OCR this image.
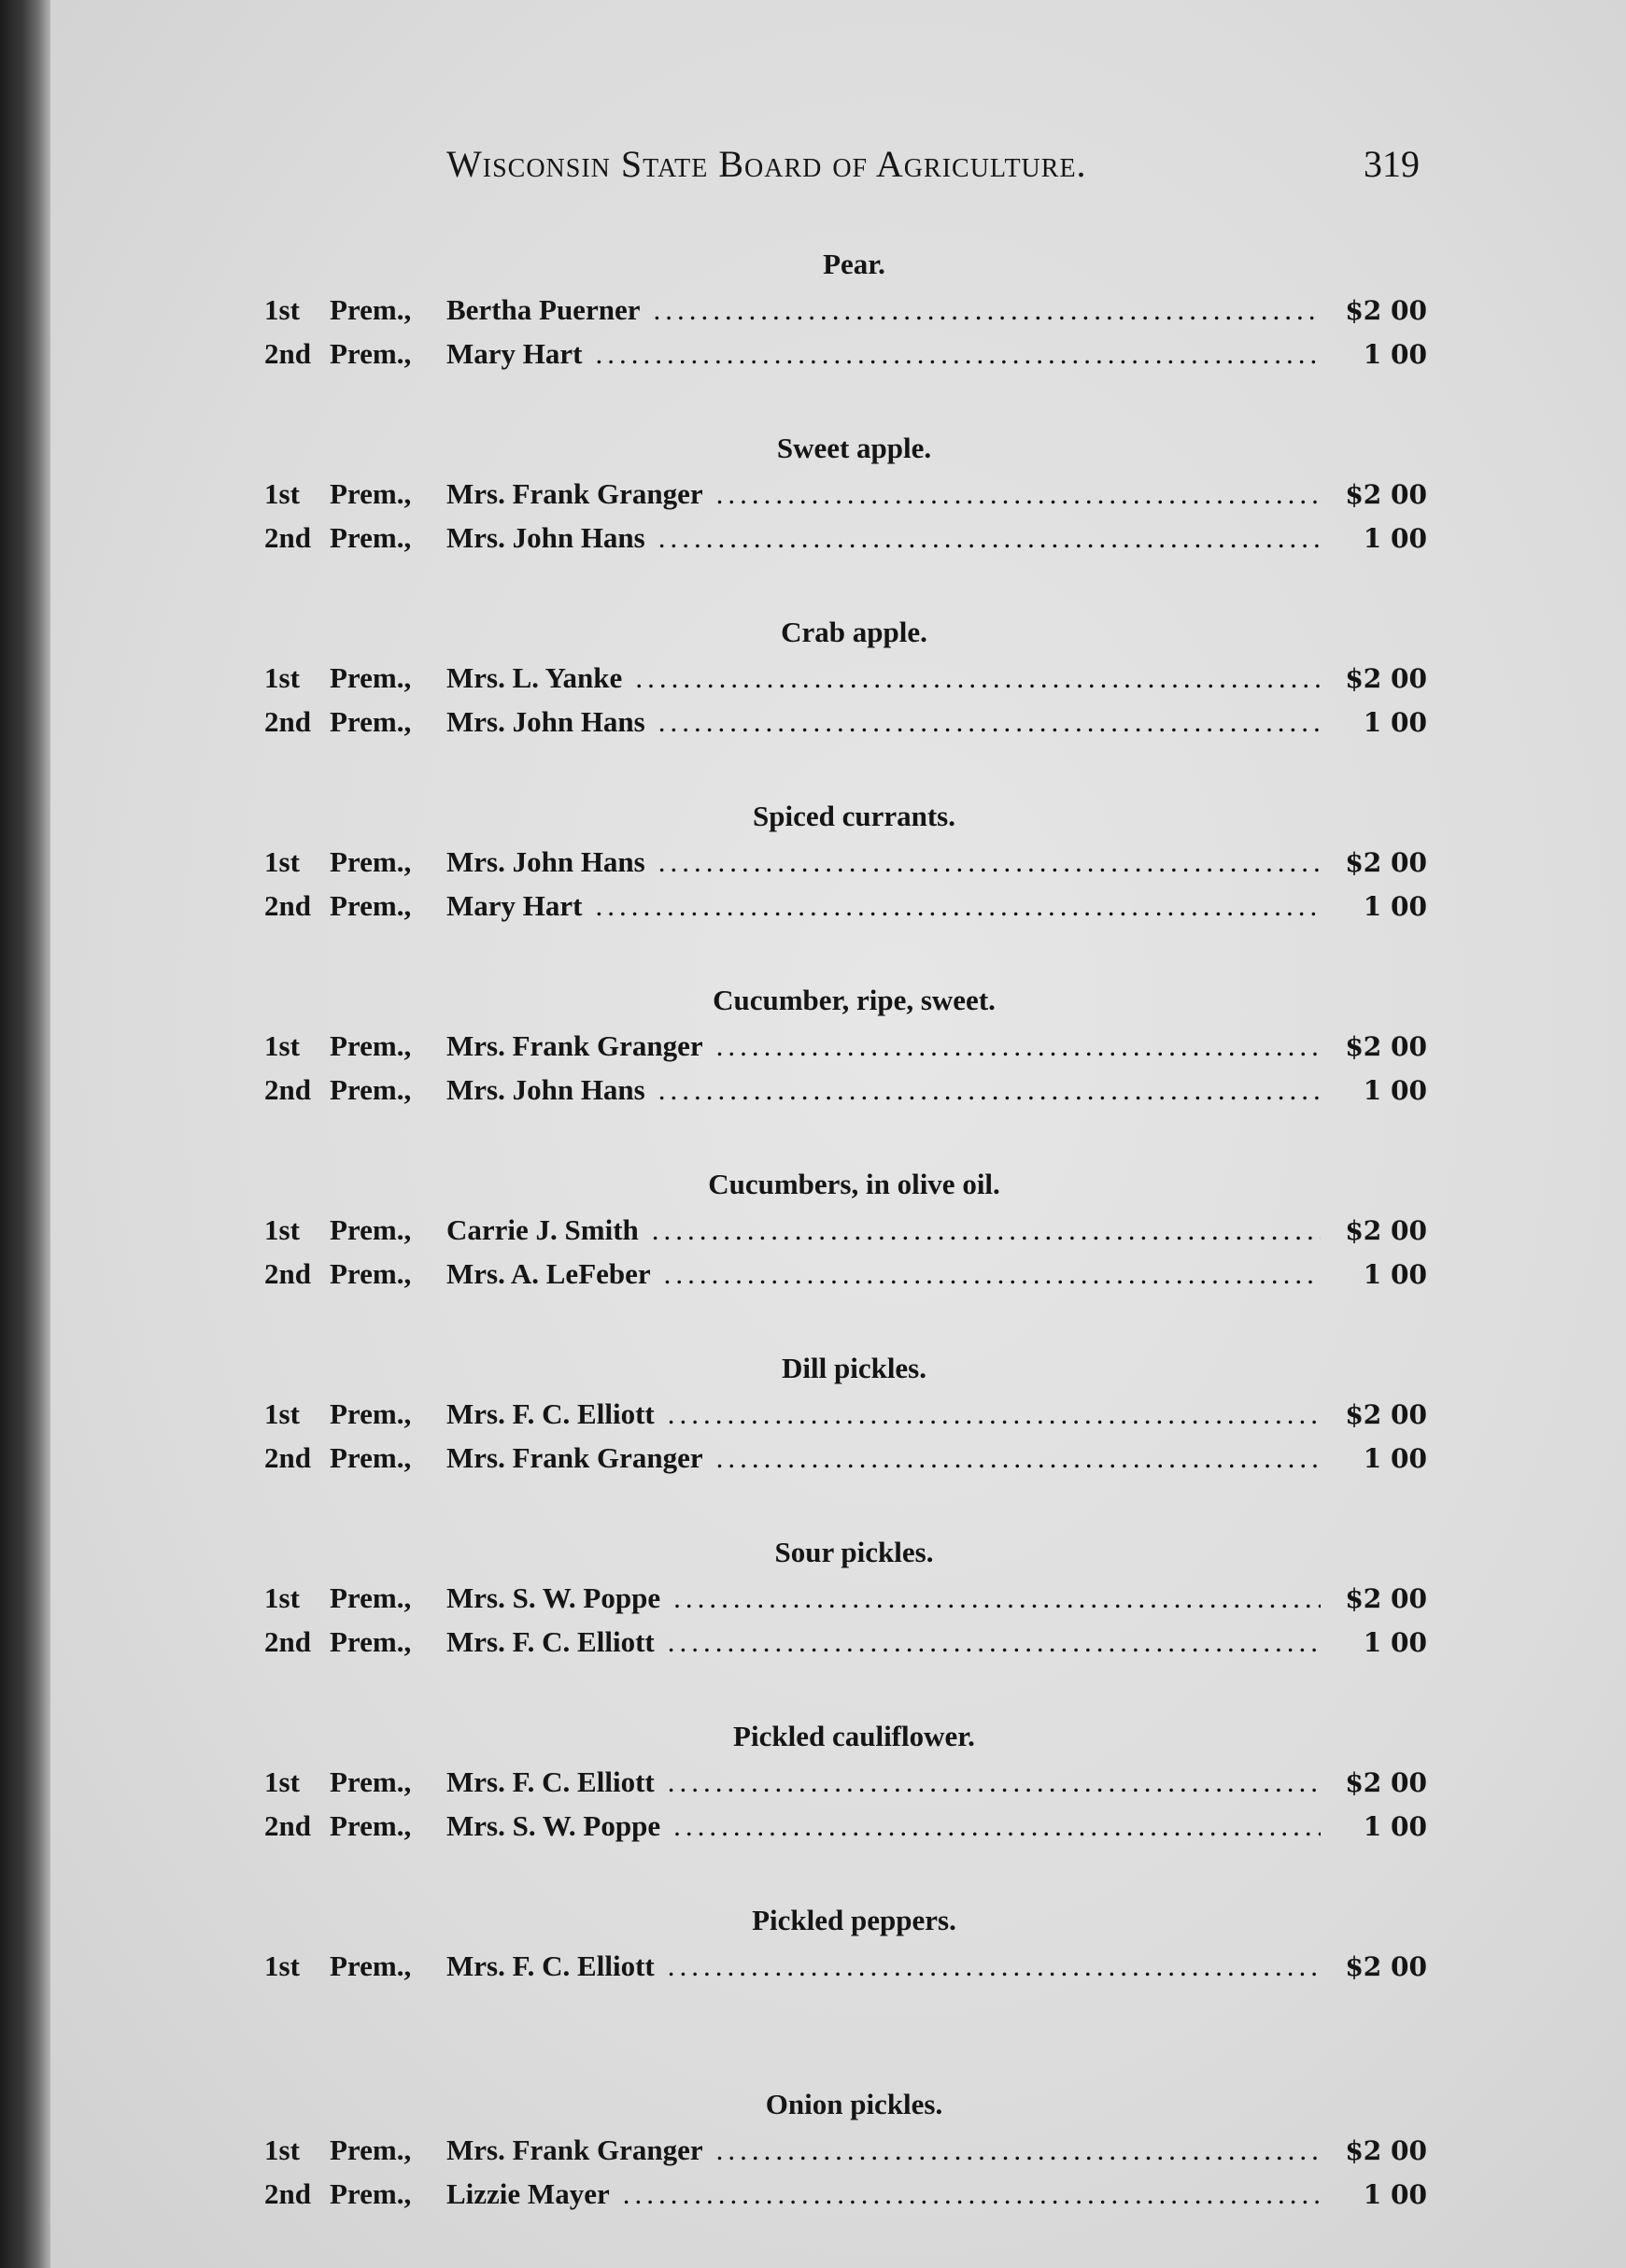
Wisconsin State Board of Agriculture.	319
Pear.
1st	Prem.,	Bertha Puerner .....	$2 00
2nd Prem.,	Mary Hart .....	1 00
Sweet apple.
1st	Prem.,	Mrs. Frank Granger .....	$2 00
2nd Prem.,	Mrs. John Hans .....	1 00
Crab apple.
1st	Prem.,	Mrs. L. Yanke .....	$2 00
2nd Prem.,	Mrs. John Hans .....	1 00
Spiced currants.
1st	Prem.,	Mrs. John Hans .....	$2 00
2nd Prem.,	Mary Hart .....	1 00
Cucumber, ripe, sweet.
1st	Prem.,	Mrs. Frank Granger .....	$2 00
2nd Prem.,	Mrs. John Hans .....	1 00
Cucumbers, in olive oil.
1st	Prem.,	Carrie J. Smith .....	$2 00
2nd Prem.,	Mrs. A. LeFeber .....	1 00
Dill pickles.
1st	Prem.,	Mrs. F. C. Elliott .....	$2 00
2nd Prem.,	Mrs. Frank Granger .....	1 00
Sour pickles.
1st	Prem.,	Mrs. S. W. Poppe .....	$2 00
2nd Prem.,	Mrs. F. C. Elliott .....	1 00
Pickled cauliflower.
1st	Prem.,	Mrs. F. C. Elliott .....	$2 00
2nd Prem.,	Mrs. S. W. Poppe .....	1 00
Pickled peppers.
1st	Prem.,	Mrs. F. C. Elliott .....	$2 00
Onion pickles.
1st	Prem.,	Mrs. Frank Granger .....	$2 00
2nd Prem.,	Lizzie Mayer .....	1 00
